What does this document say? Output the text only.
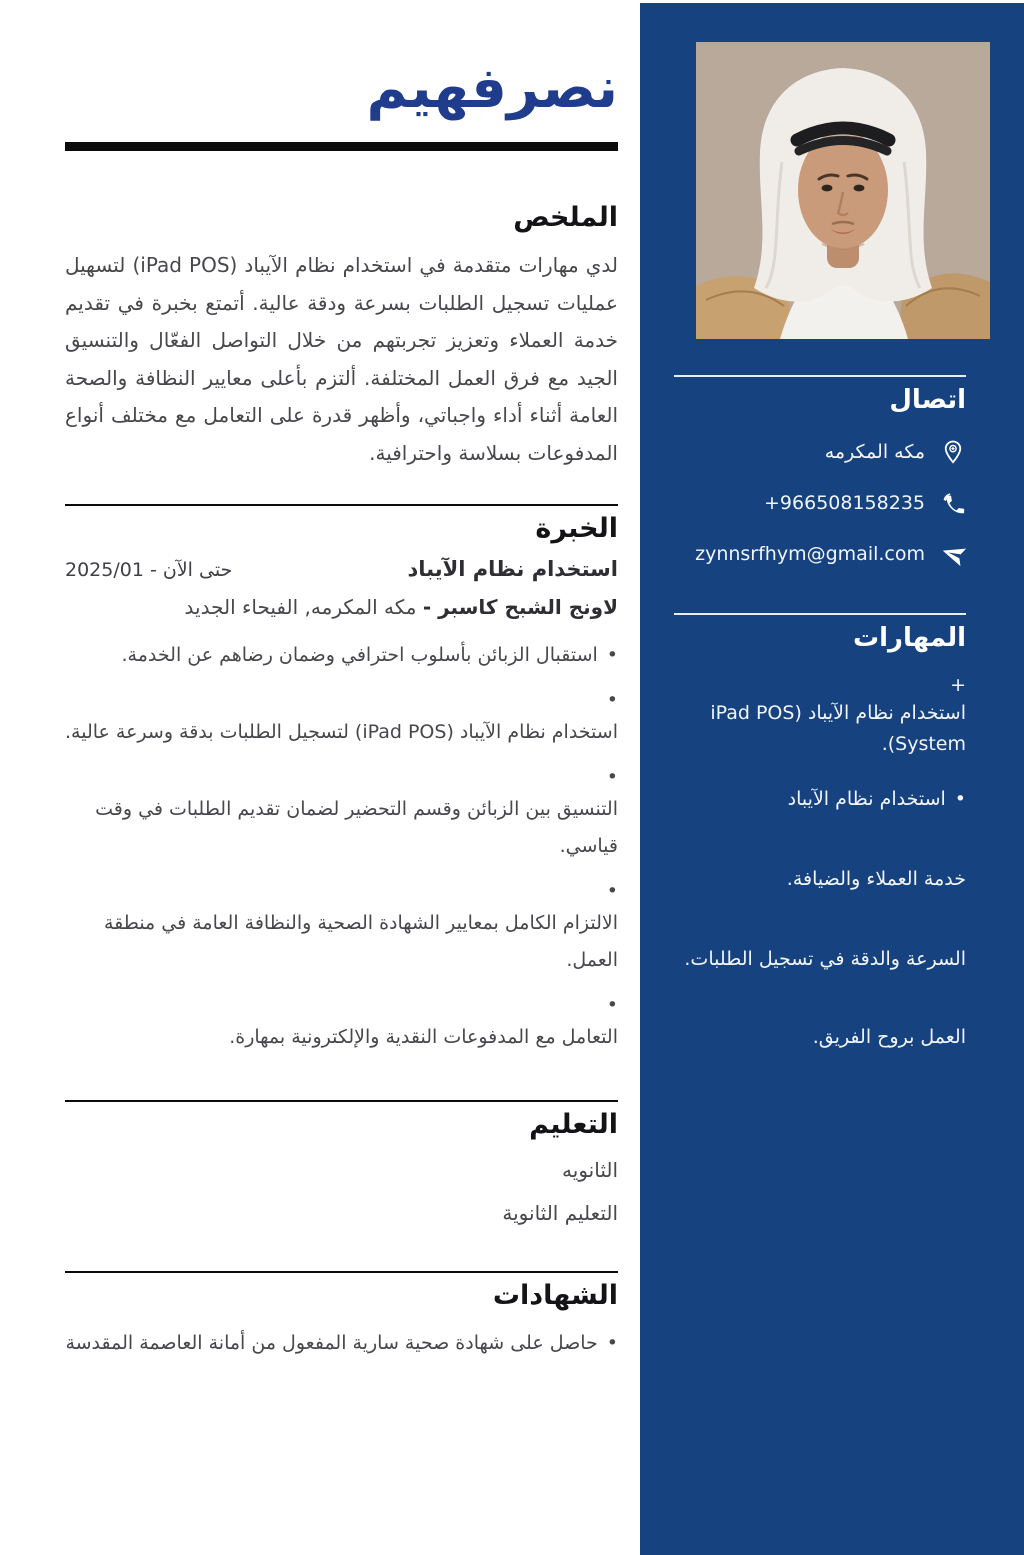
نصرفهيم
الملخص

لدي مهارات متقدمة في استخدام نظام الآيباد (iPad POS) لتسهيل عمليات تسجيل الطلبات بسرعة ودقة عالية. أتمتع بخبرة في تقديم خدمة العملاء وتعزيز تجربتهم من خلال التواصل الفعّال والتنسيق الجيد مع فرق العمل المختلفة. ألتزم بأعلى معايير النظافة والصحة العامة أثناء أداء واجباتي، وأظهر قدرة على التعامل مع مختلف أنواع المدفوعات بسلاسة واحترافية.

الخبرة
استخدام نظام الآيباد
2025/01 - حتى الآن
لاونج الشبح كاسبر - مكه المكرمه, الفيحاء الجديد
•استقبال الزبائن بأسلوب احترافي وضمان رضاهم عن الخدمة.
•
استخدام نظام الآيباد (iPad POS) لتسجيل الطلبات بدقة وسرعة عالية.
•
التنسيق بين الزبائن وقسم التحضير لضمان تقديم الطلبات في وقت قياسي.
•
الالتزام الكامل بمعايير الشهادة الصحية والنظافة العامة في منطقة العمل.
•
التعامل مع المدفوعات النقدية والإلكترونية بمهارة.
التعليم
الثانويه
التعليم الثانوية
الشهادات
•حاصل على شهادة صحية سارية المفعول من أمانة العاصمة المقدسة
اتصال
مكه المكرمه
+966508158235
zynnsrfhym@gmail.com
المهارات
+
استخدام نظام الآيباد (iPad POS System).
•استخدام نظام الآيباد
خدمة العملاء والضيافة.
السرعة والدقة في تسجيل الطلبات.
العمل بروح الفريق.
